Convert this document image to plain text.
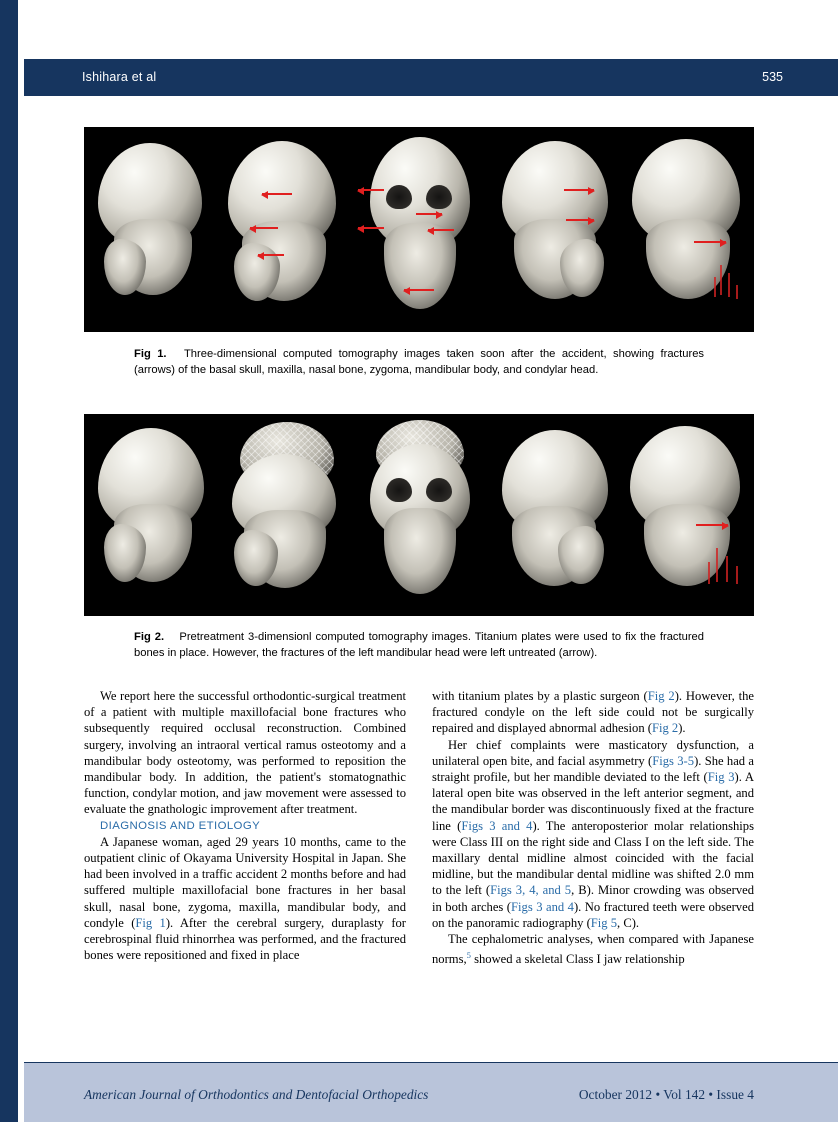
Ishihara et al	535
Fig 1.   Three-dimensional computed tomography images taken soon after the accident, showing fractures (arrows) of the basal skull, maxilla, nasal bone, zygoma, mandibular body, and condylar head.
Fig 2.   Pretreatment 3-dimensionl computed tomography images. Titanium plates were used to fix the fractured bones in place. However, the fractures of the left mandibular head were left untreated (arrow).

We report here the successful orthodontic-surgical treatment of a patient with multiple maxillofacial bone fractures who subsequently required occlusal reconstruction. Combined surgery, involving an intraoral vertical ramus osteotomy and a mandibular body osteotomy, was performed to reposition the mandibular body. In addition, the patient's stomatognathic function, condylar motion, and jaw movement were assessed to evaluate the gnathologic improvement after treatment.

DIAGNOSIS AND ETIOLOGY

A Japanese woman, aged 29 years 10 months, came to the outpatient clinic of Okayama University Hospital in Japan. She had been involved in a traffic accident 2 months before and had suffered multiple maxillofacial bone fractures in her basal skull, nasal bone, zygoma, maxilla, mandibular body, and condyle (Fig 1). After the cerebral surgery, duraplasty for cerebrospinal fluid rhinorrhea was performed, and the fractured bones were repositioned and fixed in place

with titanium plates by a plastic surgeon (Fig 2). However, the fractured condyle on the left side could not be surgically repaired and displayed abnormal adhesion (Fig 2).

Her chief complaints were masticatory dysfunction, a unilateral open bite, and facial asymmetry (Figs 3-5). She had a straight profile, but her mandible deviated to the left (Fig 3). A lateral open bite was observed in the left anterior segment, and the mandibular border was discontinuously fixed at the fracture line (Figs 3 and 4). The anteroposterior molar relationships were Class III on the right side and Class I on the left side. The maxillary dental midline almost coincided with the facial midline, but the mandibular dental midline was shifted 2.0 mm to the left (Figs 3, 4, and 5, B). Minor crowding was observed in both arches (Figs 3 and 4). No fractured teeth were observed on the panoramic radiography (Fig 5, C).

The cephalometric analyses, when compared with Japanese norms,$^5$ showed a skeletal Class I jaw relationship

American Journal of Orthodontics and Dentofacial Orthopedics	October 2012 • Vol 142 • Issue 4
